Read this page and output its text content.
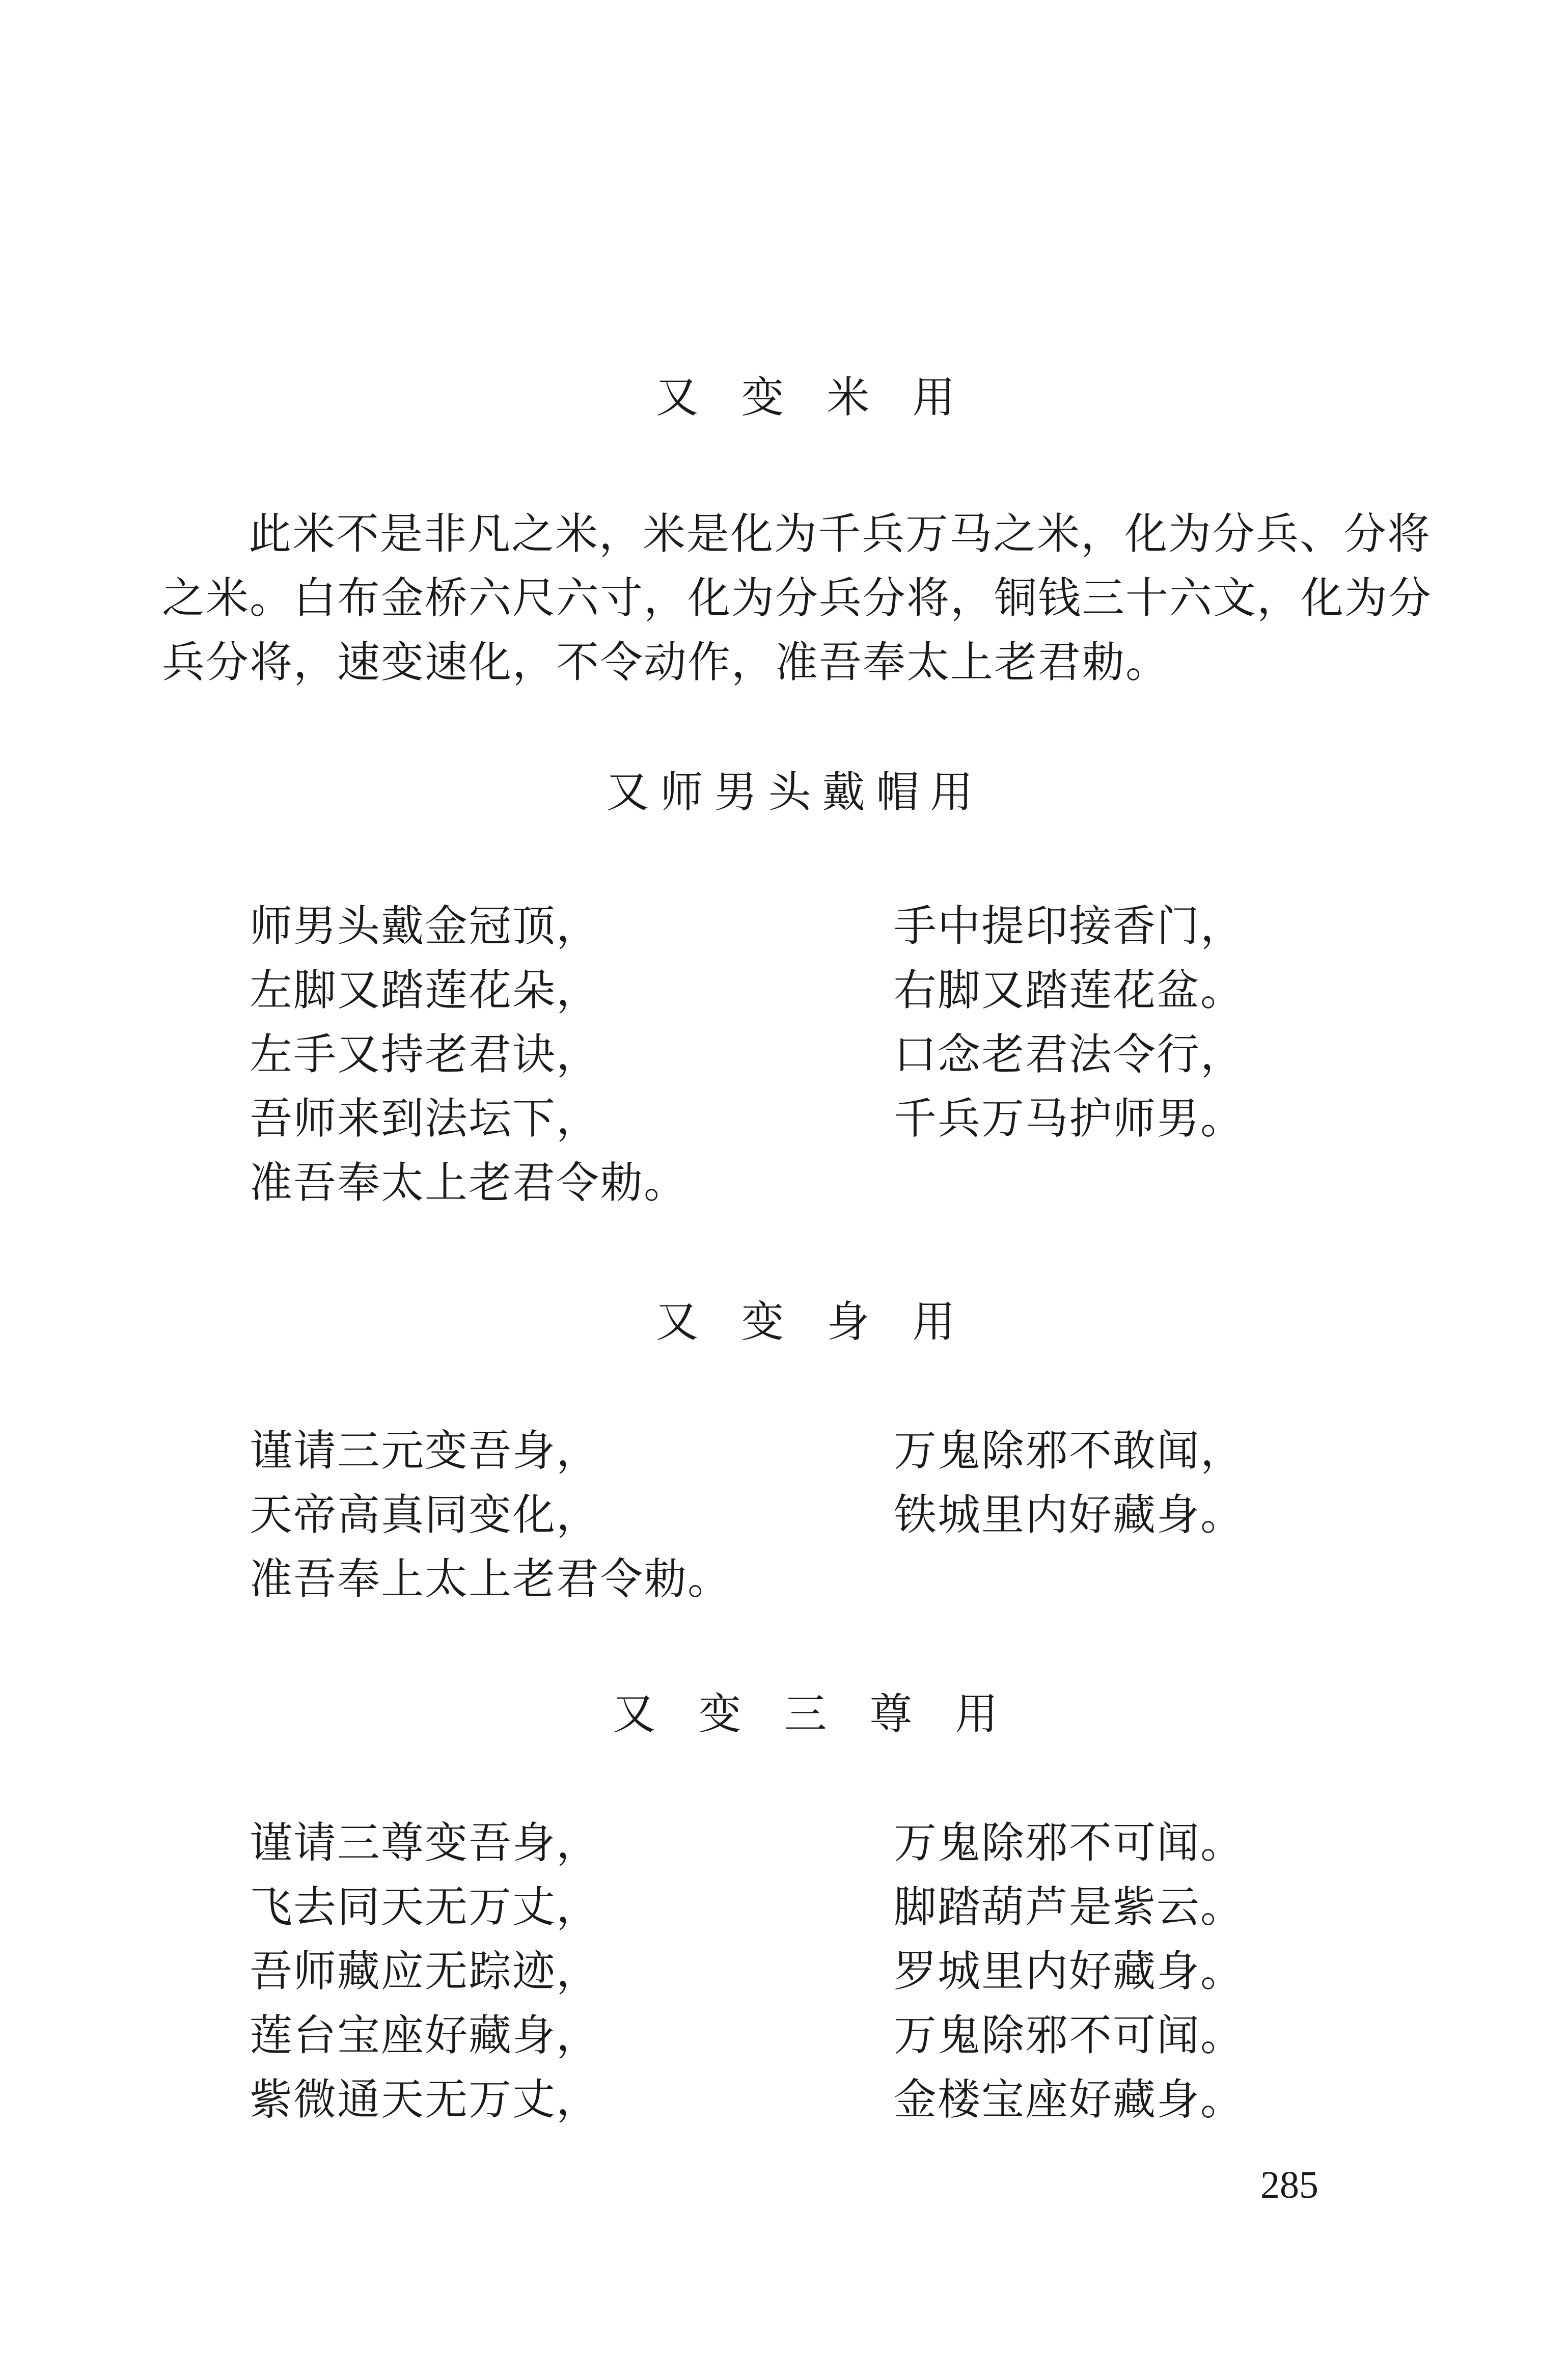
又变米用
此米不是非凡之米，米是化为千兵万马之米，化为分兵、分将
之米。白布金桥六尺六寸，化为分兵分将，铜钱三十六文，化为分
兵分将，速变速化，不令动作，准吾奉太上老君勅。
又师男头戴帽用
师男头戴金冠顶，	手中提印接香门，
左脚又踏莲花朵，	右脚又踏莲花盆。
左手又持老君诀，	口念老君法令行，
吾师来到法坛下，	千兵万马护师男。
准吾奉太上老君令勅。
又变身用
谨请三元变吾身，	万鬼除邪不敢闻，
天帝高真同变化，	铁城里内好藏身。
准吾奉上太上老君令勅。
又变三尊用
谨请三尊变吾身，	万鬼除邪不可闻。
飞去同天无万丈，	脚踏葫芦是紫云。
吾师藏应无踪迹，	罗城里内好藏身。
莲台宝座好藏身，	万鬼除邪不可闻。
紫微通天无万丈，	金楼宝座好藏身。
285
